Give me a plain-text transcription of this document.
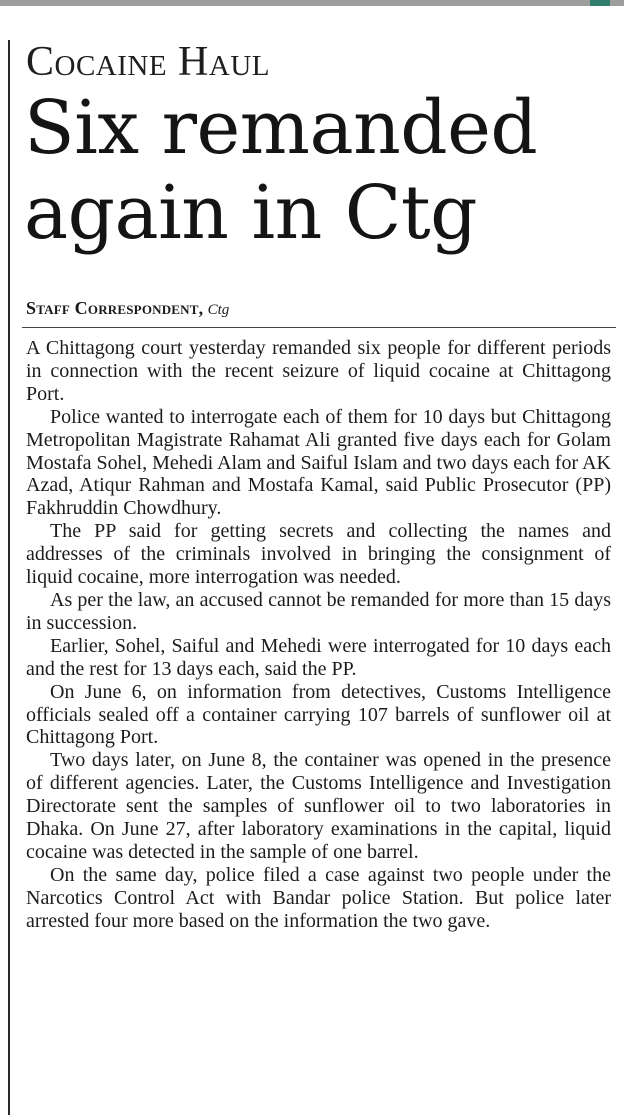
Cocaine Haul
Six remanded
again in Ctg
Staff Correspondent, Ctg

A Chittagong court yesterday remanded six people for different periods in connection with the recent seizure of liquid cocaine at Chittagong Port.

Police wanted to interrogate each of them for 10 days but Chittagong Metropolitan Magistrate Rahamat Ali granted five days each for Golam Mostafa Sohel, Mehedi Alam and Saiful Islam and two days each for AK Azad, Atiqur Rahman and Mostafa Kamal, said Public Prosecutor (PP) Fakhruddin Chowdhury.

The PP said for getting secrets and collecting the names and addresses of the criminals involved in bringing the consignment of liquid cocaine, more interrogation was needed.

As per the law, an accused cannot be remanded for more than 15 days in succession.

Earlier, Sohel, Saiful and Mehedi were interrogated for 10 days each and the rest for 13 days each, said the PP.

On June 6, on information from detectives, Customs Intelligence officials sealed off a container carrying 107 barrels of sunflower oil at Chittagong Port.

Two days later, on June 8, the container was opened in the presence of different agencies. Later, the Customs Intelligence and Investigation Directorate sent the samples of sunflower oil to two laboratories in Dhaka. On June 27, after laboratory examinations in the capital, liquid cocaine was detected in the sample of one barrel.

On the same day, police filed a case against two people under the Narcotics Control Act with Bandar police Station. But police later arrested four more based on the information the two gave.
